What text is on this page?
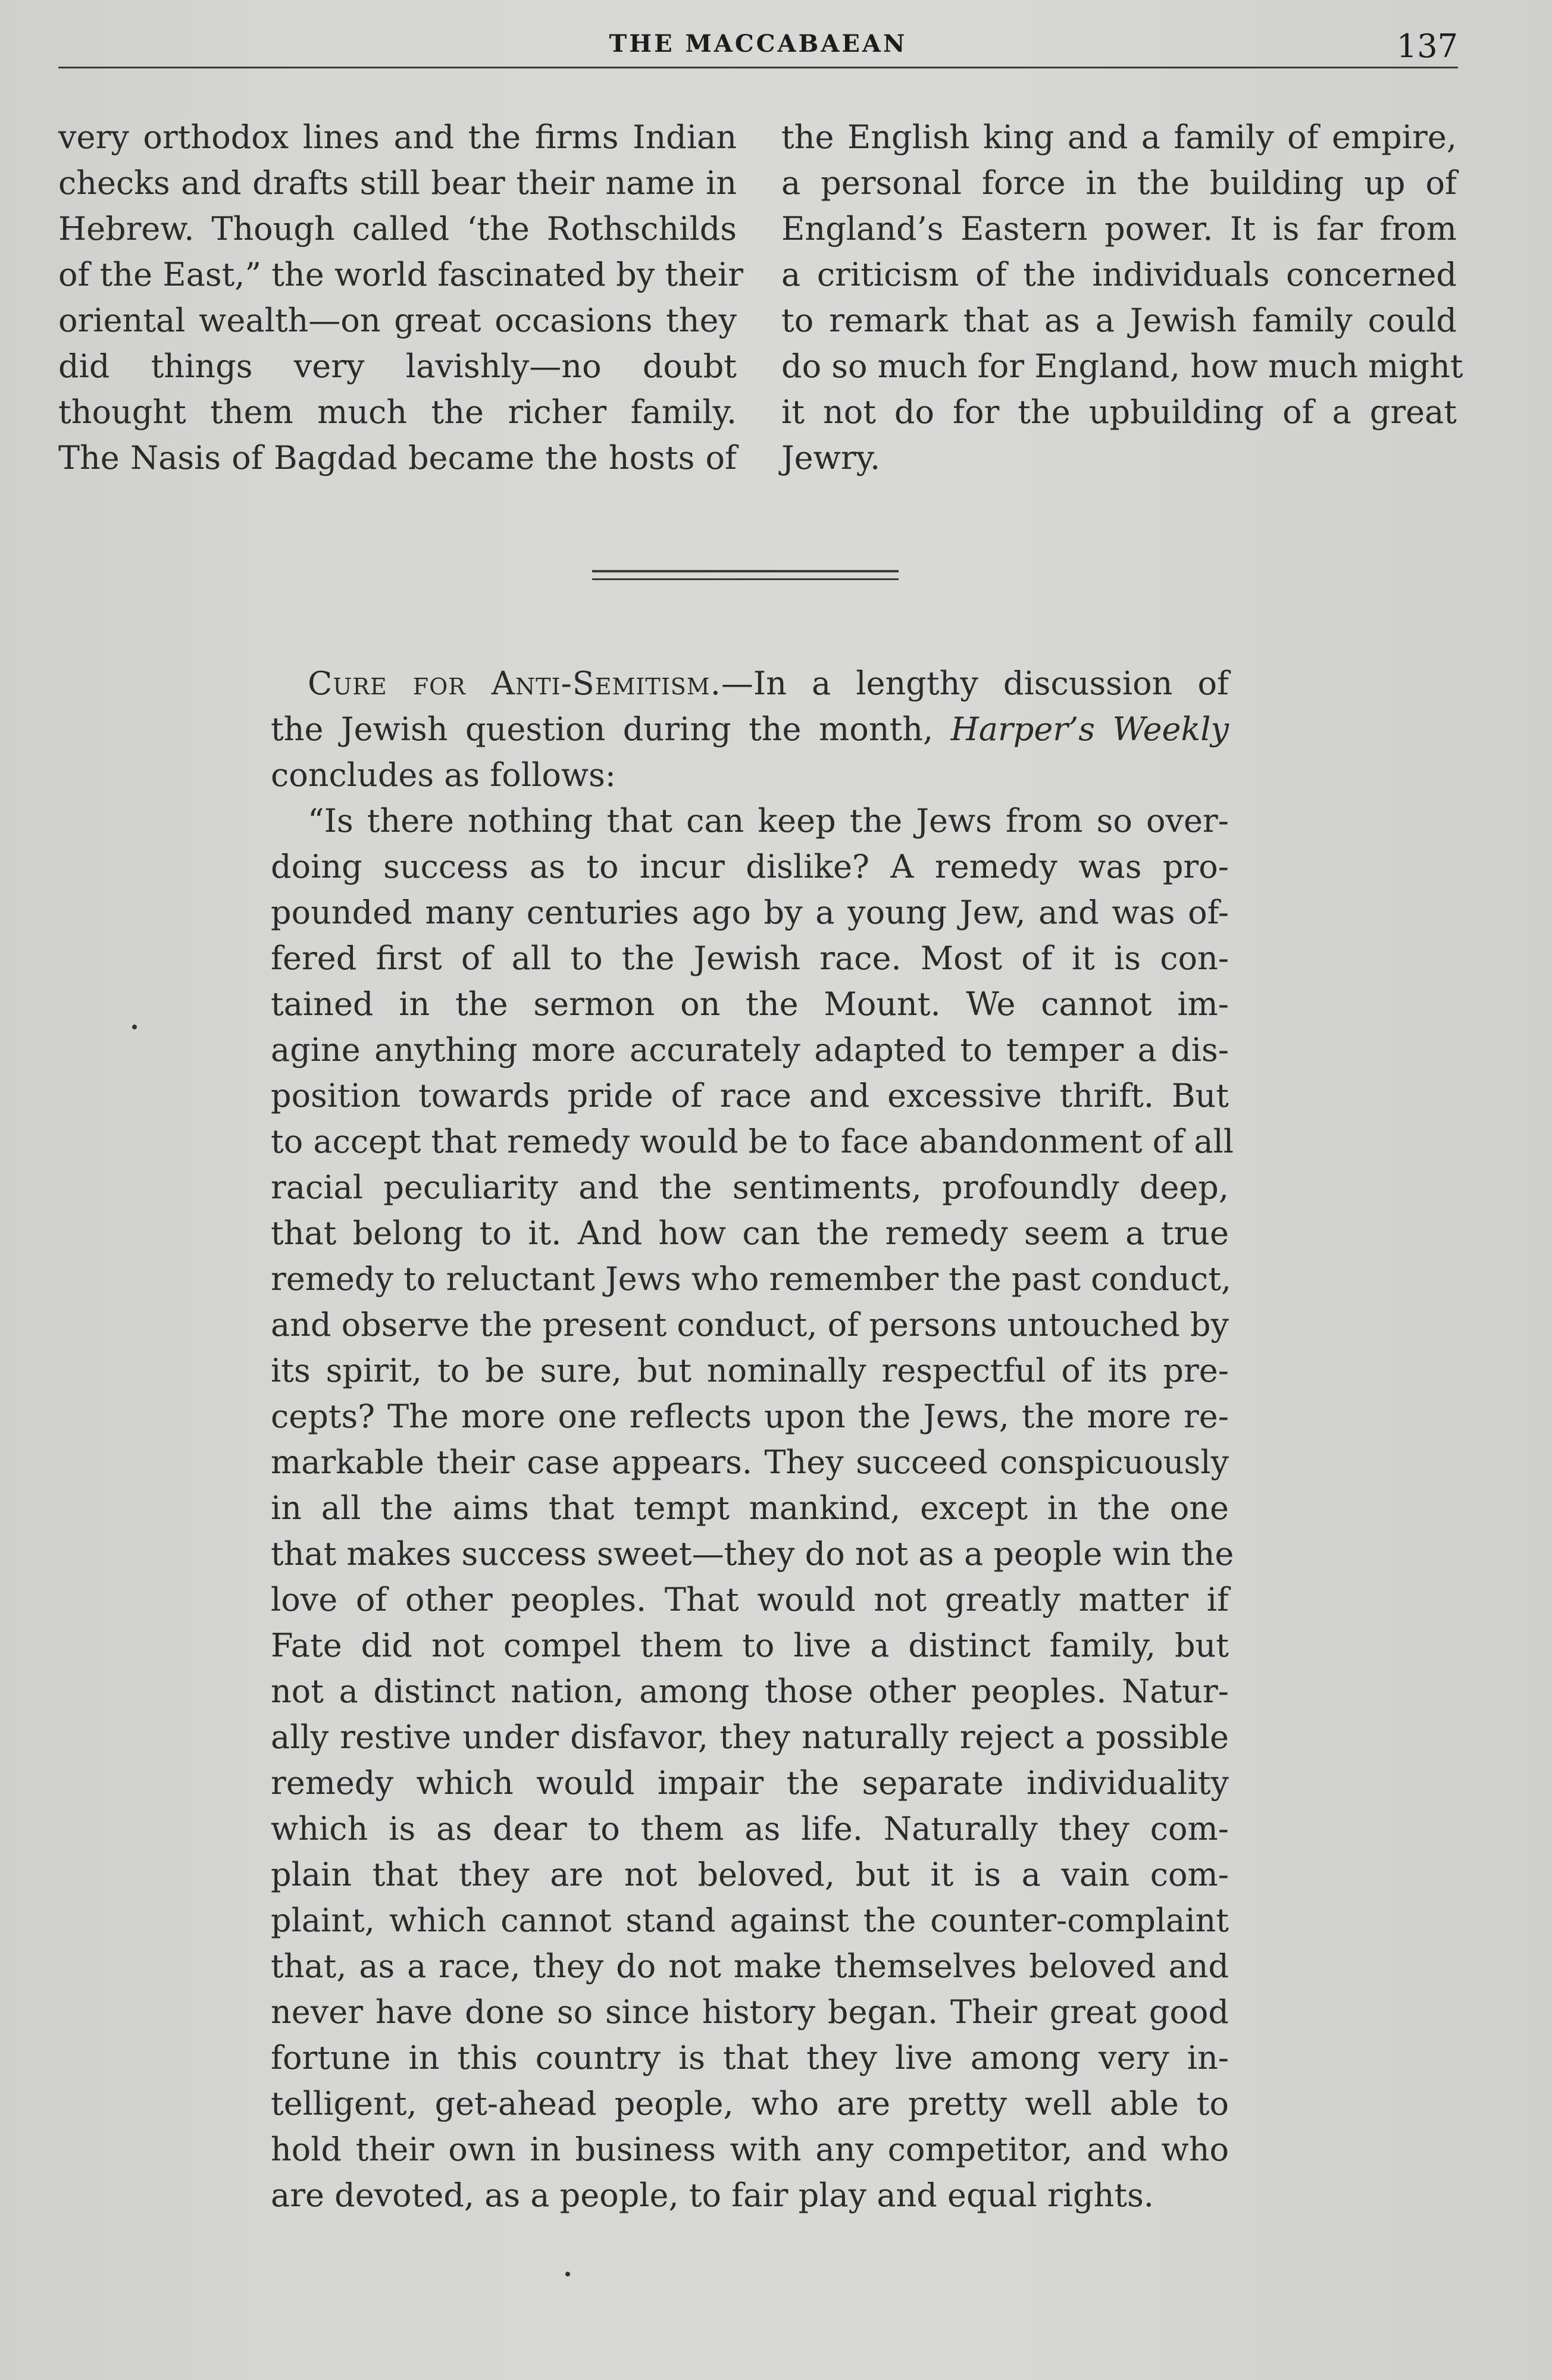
THE MACCABAEAN	137
very orthodox lines and the firms Indian
checks and drafts still bear their name in
Hebrew. Though called ‘the Rothschilds
of the East,” the world fascinated by their
oriental wealth—on great occasions they
did things very lavishly—no doubt
thought them much the richer family.
The Nasis of Bagdad became the hosts of
the English king and a family of empire,
a personal force in the building up of
England’s Eastern power. It is far from
a criticism of the individuals concerned
to remark that as a Jewish family could
do so much for England, how much might
it not do for the upbuilding of a great
Jewry.
Cure for Anti-Semitism.—In a lengthy discussion of
the Jewish question during the month, Harper’s Weekly
concludes as follows:
“Is there nothing that can keep the Jews from so over-
doing success as to incur dislike? A remedy was pro-
pounded many centuries ago by a young Jew, and was of-
fered first of all to the Jewish race. Most of it is con-
tained in the sermon on the Mount. We cannot im-
agine anything more accurately adapted to temper a dis-
position towards pride of race and excessive thrift. But
to accept that remedy would be to face abandonment of all
racial peculiarity and the sentiments, profoundly deep,
that belong to it. And how can the remedy seem a true
remedy to reluctant Jews who remember the past conduct,
and observe the present conduct, of persons untouched by
its spirit, to be sure, but nominally respectful of its pre-
cepts? The more one reflects upon the Jews, the more re-
markable their case appears. They succeed conspicuously
in all the aims that tempt mankind, except in the one
that makes success sweet—they do not as a people win the
love of other peoples. That would not greatly matter if
Fate did not compel them to live a distinct family, but
not a distinct nation, among those other peoples. Natur-
ally restive under disfavor, they naturally reject a possible
remedy which would impair the separate individuality
which is as dear to them as life. Naturally they com-
plain that they are not beloved, but it is a vain com-
plaint, which cannot stand against the counter-complaint
that, as a race, they do not make themselves beloved and
never have done so since history began. Their great good
fortune in this country is that they live among very in-
telligent, get-ahead people, who are pretty well able to
hold their own in business with any competitor, and who
are devoted, as a people, to fair play and equal rights.
